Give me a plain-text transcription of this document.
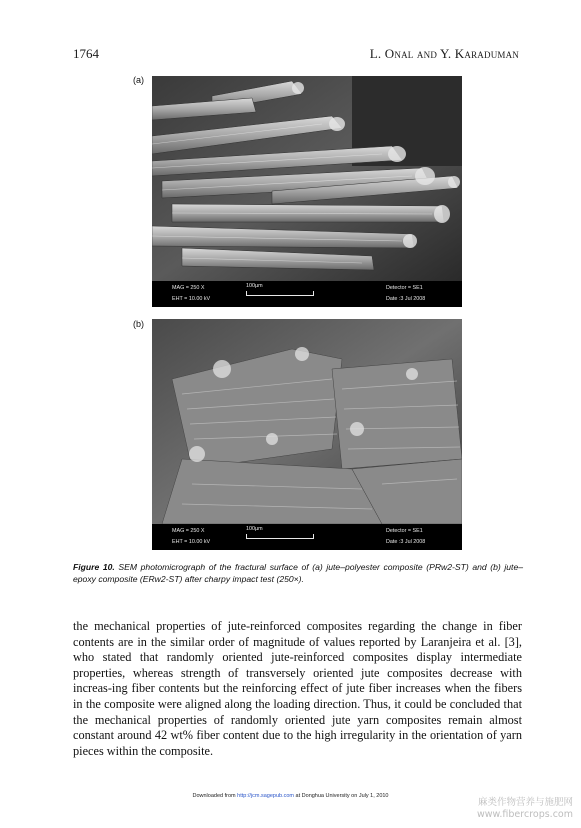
1764	L. Onal and Y. Karaduman
(a)
MAG = 250 X
EHT = 10.00 kV
100µm	Detector = SE1
Date :3 Jul 2008
(b)
MAG = 250 X
EHT = 10.00 kV
100µm	Detector = SE1
Date :3 Jul 2008
Figure 10. SEM photomicrograph of the fractural surface of (a) jute–polyester composite (PRw2-ST) and (b) jute–epoxy composite (ERw2-ST) after charpy impact test (250×).
the mechanical properties of jute-reinforced composites regarding the change in fiber contents are in the similar order of magnitude of values reported by Laranjeira et al. [3], who stated that randomly oriented jute-reinforced composites display intermediate properties, whereas strength of transversely oriented jute composites decrease with increas-ing fiber contents but the reinforcing effect of jute fiber increases when the fibers in the composite were aligned along the loading direction. Thus, it could be concluded that the mechanical properties of randomly oriented jute yarn composites remain almost constant around 42 wt% fiber content due to the high irregularity in the orientation of yarn pieces within the composite.
Downloaded from http://jcm.sagepub.com at Donghua University on July 1, 2010
麻类作物营养与施肥网
www.fibercrops.com
